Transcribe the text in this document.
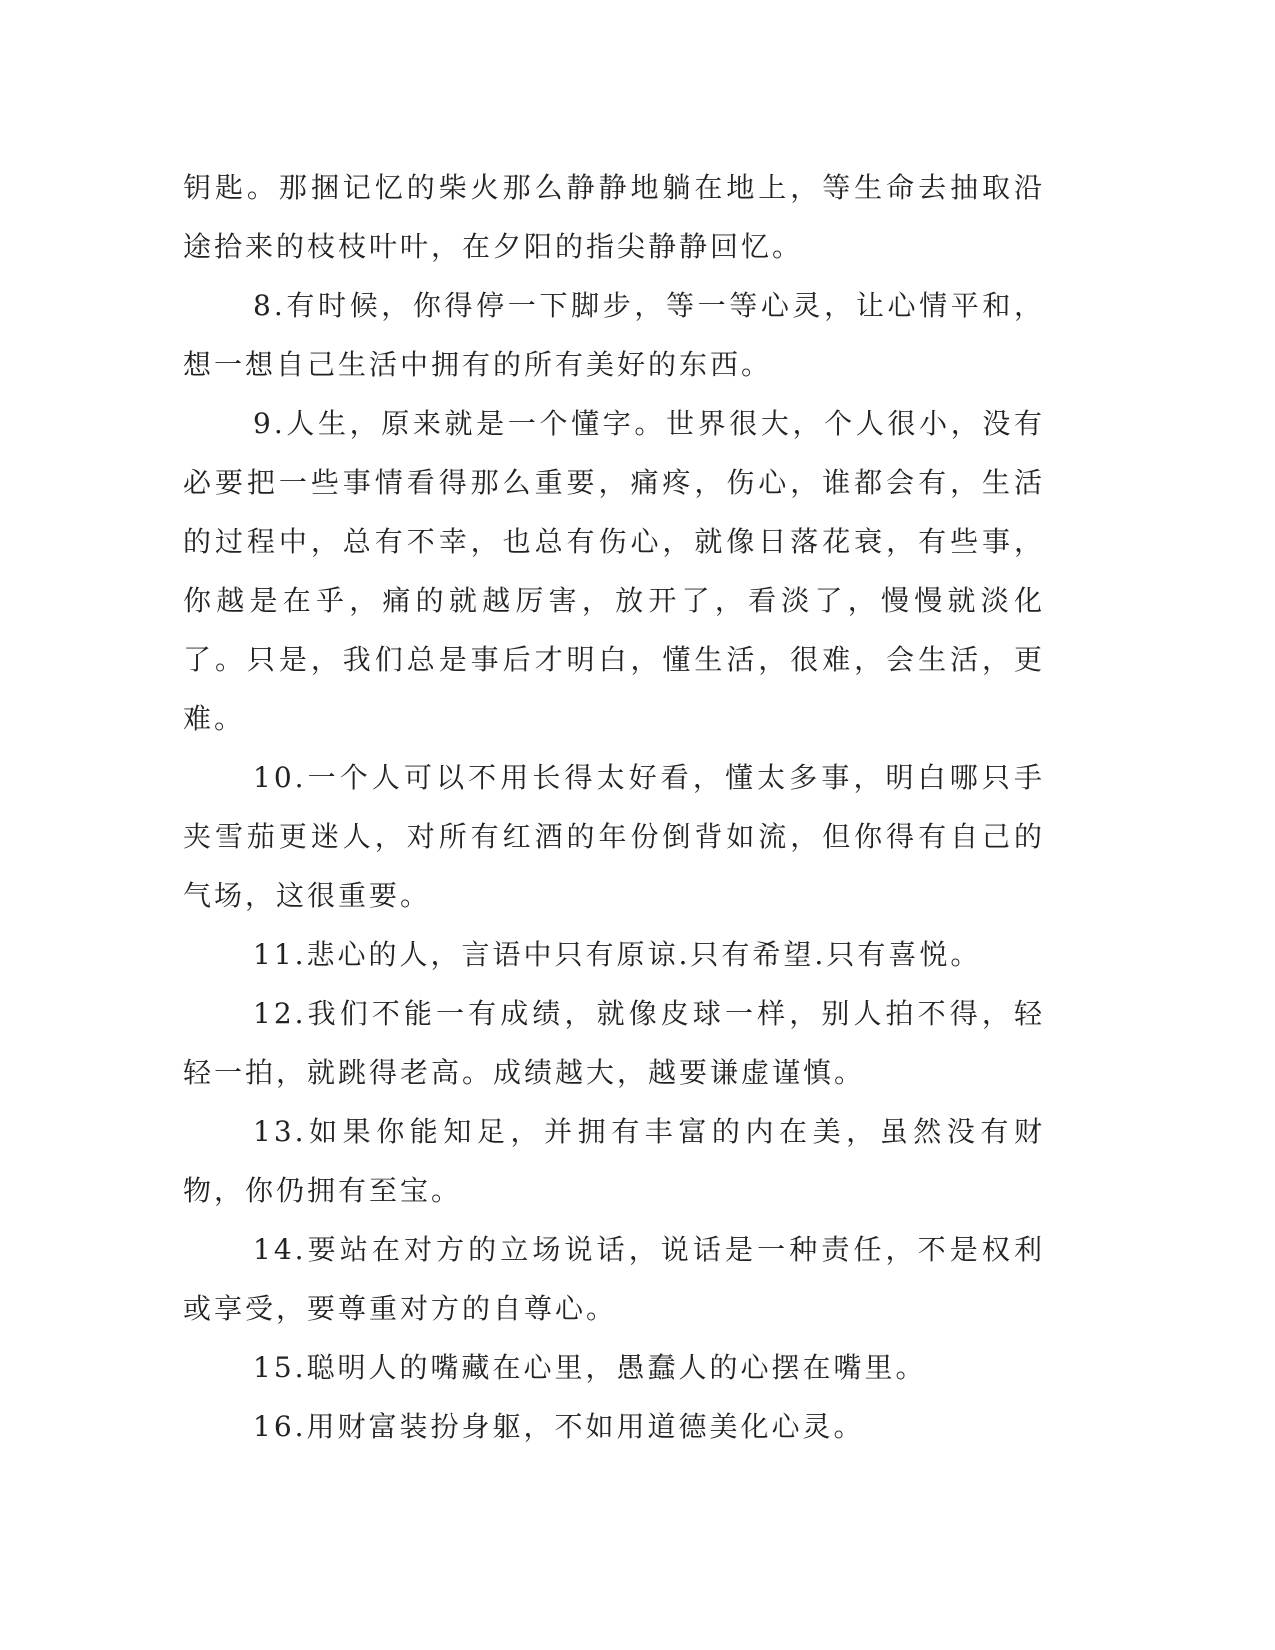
钥匙。那捆记忆的柴火那么静静地躺在地上，等生命去抽取沿途拾来的枝枝叶叶，在夕阳的指尖静静回忆。

8.有时候，你得停一下脚步，等一等心灵，让心情平和，想一想自己生活中拥有的所有美好的东西。

9.人生，原来就是一个懂字。世界很大，个人很小，没有必要把一些事情看得那么重要，痛疼，伤心，谁都会有，生活的过程中，总有不幸，也总有伤心，就像日落花衰，有些事，你越是在乎，痛的就越厉害，放开了，看淡了，慢慢就淡化了。只是，我们总是事后才明白，懂生活，很难，会生活，更难。

10.一个人可以不用长得太好看，懂太多事，明白哪只手夹雪茄更迷人，对所有红酒的年份倒背如流，但你得有自己的气场，这很重要。

11.悲心的人，言语中只有原谅.只有希望.只有喜悦。

12.我们不能一有成绩，就像皮球一样，别人拍不得，轻轻一拍，就跳得老高。成绩越大，越要谦虚谨慎。

13.如果你能知足，并拥有丰富的内在美，虽然没有财物，你仍拥有至宝。

14.要站在对方的立场说话，说话是一种责任，不是权利或享受，要尊重对方的自尊心。

15.聪明人的嘴藏在心里，愚蠢人的心摆在嘴里。

16.用财富装扮身躯，不如用道德美化心灵。
